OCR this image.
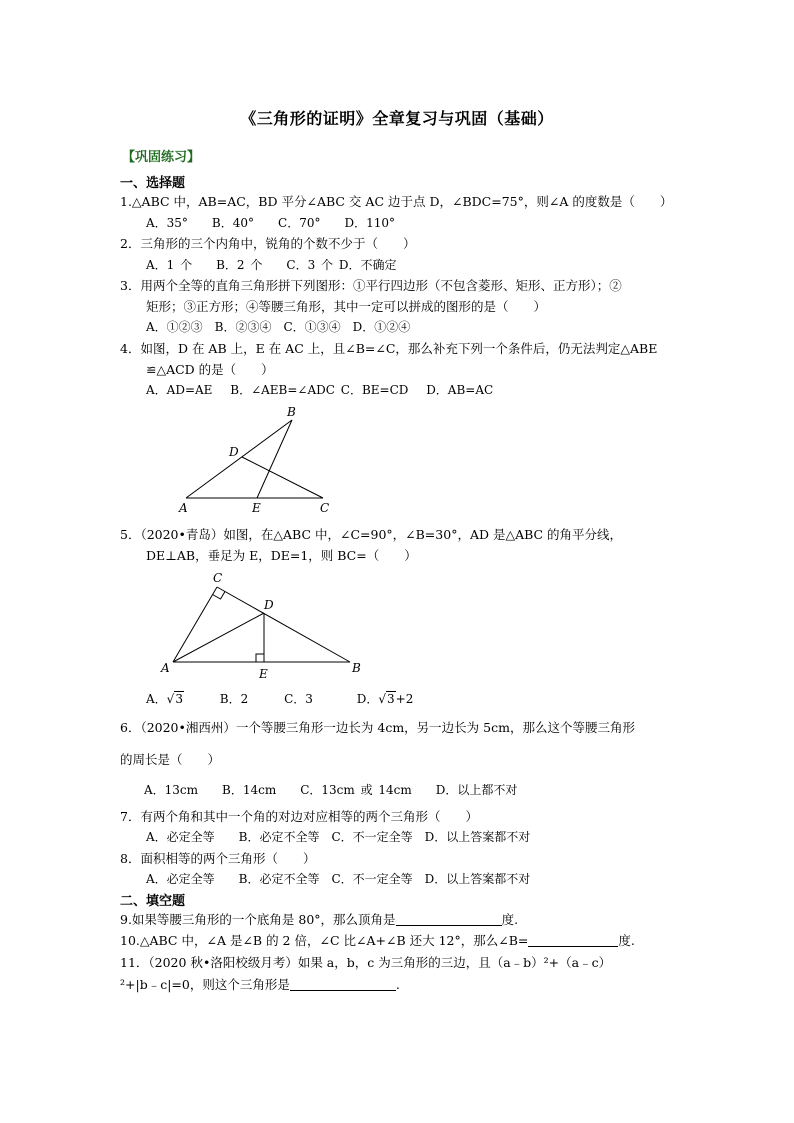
《三角形的证明》全章复习与巩固（基础）
【巩固练习】
一、选择题
1.△ABC 中，AB=AC，BD 平分∠ABC 交 AC 边于点 D，∠BDC=75°，则∠A 的度数是（　　）
A．35°　　B．40°　　C．70°　　D．110°
2．三角形的三个内角中，锐角的个数不少于（　　）
A．1 个　　B．2 个　　C．3 个 D．不确定
3．用两个全等的直角三角形拼下列图形：①平行四边形（不包含菱形、矩形、正方形）；②
矩形；③正方形；④等腰三角形，其中一定可以拼成的图形的是（　　）
A．①②③　B．②③④　C．①③④　D．①②④
4．如图，D 在 AB 上，E 在 AC 上，且∠B=∠C，那么补充下列一个条件后，仍无法判定△ABE
≌△ACD 的是（　　）
A．AD=AE　 B．∠AEB=∠ADC C．BE=CD　 D．AB=AC
A
B
C
D
E
5．（2020•青岛）如图，在△ABC 中，∠C=90°，∠B=30°，AD 是△ABC 的角平分线，
DE⊥AB，垂足为 E，DE=1，则 BC=（　　）
C
D
A	B
E
A．√3	B．2	C．3	D．√3+2
6．（2020•湘西州）一个等腰三角形一边长为 4cm，另一边长为 5cm，那么这个等腰三角形
的周长是（　　）
A．13cm　　B．14cm　　C．13cm 或 14cm　　D．以上都不对
7．有两个角和其中一个角的对边对应相等的两个三角形（　　）
A．必定全等　　B．必定不全等　C．不一定全等　D．以上答案都不对
8．面积相等的两个三角形（　　）
A．必定全等　　B．必定不全等　C．不一定全等　D．以上答案都不对
二、填空题
9.如果等腰三角形的一个底角是 80°，那么顶角是	度.
10.△ABC 中，∠A 是∠B 的 2 倍，∠C 比∠A+∠B 还大 12°，那么∠B=	度.
11．（2020 秋•洛阳校级月考）如果 a，b，c 为三角形的三边，且（a﹣b）²+（a﹣c）
²+|b﹣c|=0，则这个三角形是	.
